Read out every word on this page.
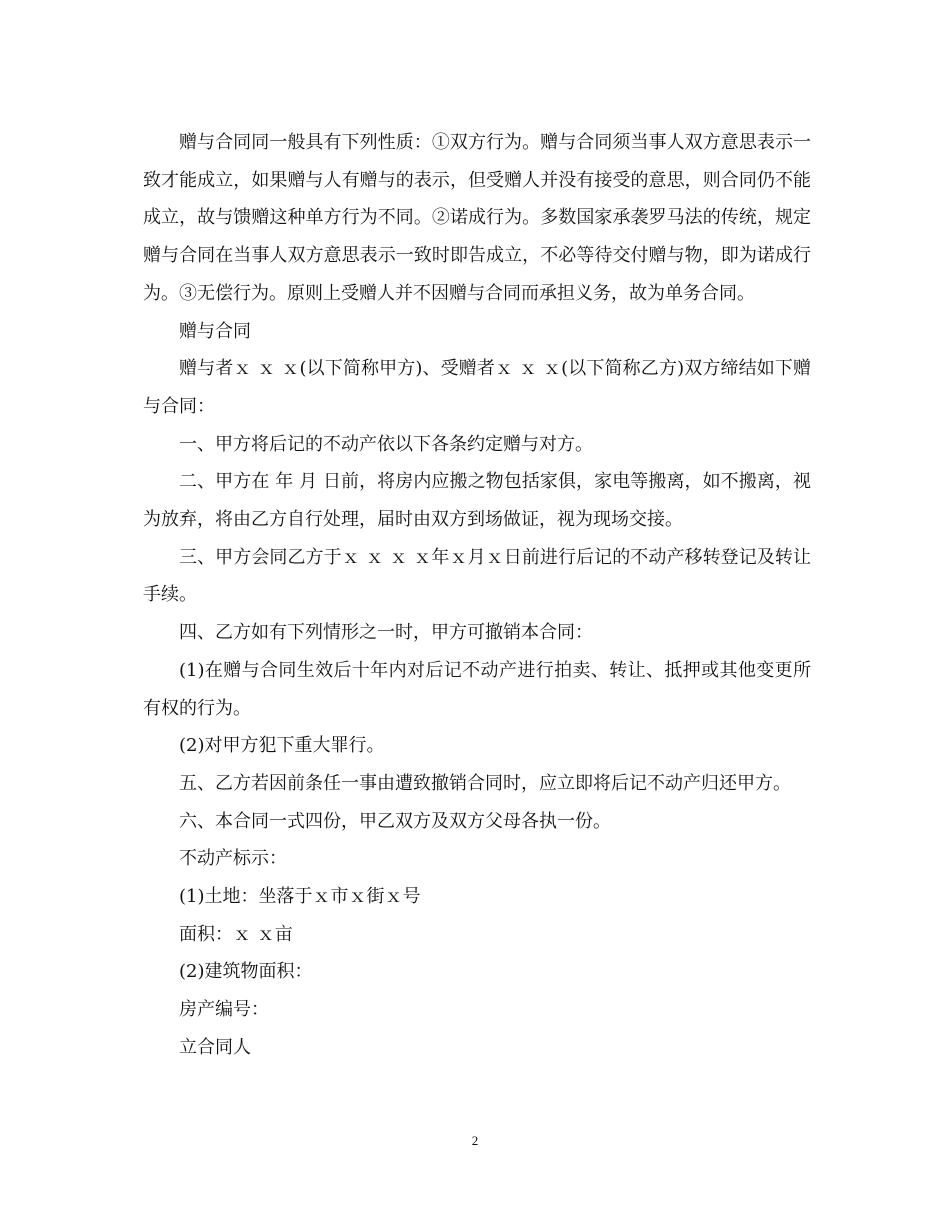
赠与合同同一般具有下列性质：①双方行为。赠与合同须当事人双方意思表示一致才能成立，如果赠与人有赠与的表示，但受赠人并没有接受的意思，则合同仍不能成立，故与馈赠这种单方行为不同。②诺成行为。多数国家承袭罗马法的传统，规定赠与合同在当事人双方意思表示一致时即告成立，不必等待交付赠与物，即为诺成行为。③无偿行为。原则上受赠人并不因赠与合同而承担义务，故为单务合同。

赠与合同

赠与者ｘ ｘ ｘ(以下简称甲方)、受赠者ｘ ｘ ｘ(以下简称乙方)双方缔结如下赠与合同：

一、甲方将后记的不动产依以下各条约定赠与对方。

二、甲方在 年 月 日前，将房内应搬之物包括家俱，家电等搬离，如不搬离，视为放弃，将由乙方自行处理，届时由双方到场做证，视为现场交接。

三、甲方会同乙方于ｘ ｘ ｘ ｘ年ｘ月ｘ日前进行后记的不动产移转登记及转让手续。

四、乙方如有下列情形之一时，甲方可撤销本合同：

(1)在赠与合同生效后十年内对后记不动产进行拍卖、转让、抵押或其他变更所有权的行为。

(2)对甲方犯下重大罪行。

五、乙方若因前条任一事由遭致撤销合同时，应立即将后记不动产归还甲方。

六、本合同一式四份，甲乙双方及双方父母各执一份。

不动产标示：

(1)土地：坐落于ｘ市ｘ街ｘ号

面积：ｘ ｘ亩

(2)建筑物面积：

房产编号：

立合同人

2
